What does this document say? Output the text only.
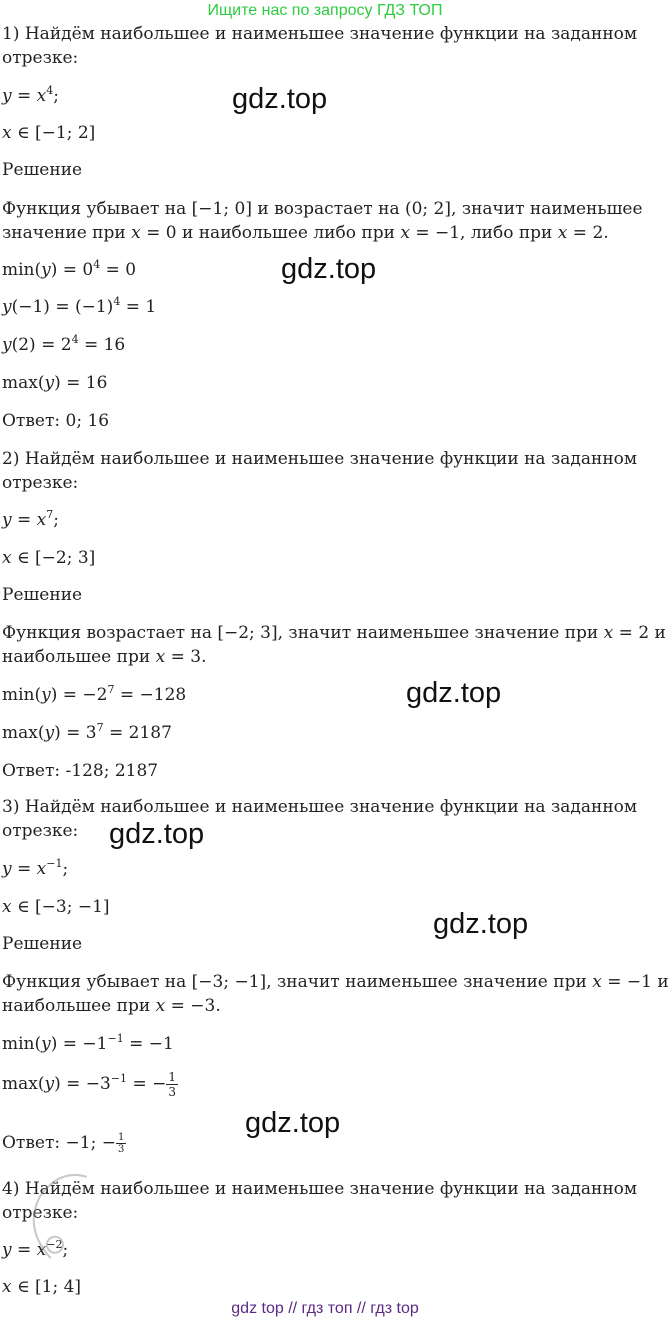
Ищите нас по запросу ГДЗ ТОП
1) Найдём наибольшее и наименьшее значение функции на заданном
отрезке:
$y = x^4$;
x ∈ [−1; 2]
Решение
Функция убывает на [−1; 0] и возрастает на (0; 2], значит наименьшее
значение при x = 0 и наибольшее либо при x = −1, либо при x = 2.
$\min(y) = 0^4 = 0$
$y(-1) = (-1)^4 = 1$
$y(2) = 2^4 = 16$
max(y) = 16
Ответ: 0; 16
2) Найдём наибольшее и наименьшее значение функции на заданном
отрезке:
$y = x^7$;
x ∈ [−2; 3]
Решение
Функция возрастает на [−2; 3], значит наименьшее значение при x = 2 и
наибольшее при x = 3.
$\min(y) = -2^7 = -128$
$\max(y) = 3^7 = 2187$
Ответ: -128; 2187
3) Найдём наибольшее и наименьшее значение функции на заданном
отрезке:
$y = x^{-1}$;
x ∈ [−3; −1]
Решение
Функция убывает на [−3; −1], значит наименьшее значение при x = −1 и
наибольшее при x = −3.
$\min(y) = -1^{-1} = -1$
$\max(y) = -3^{-1}$ = − $\frac{1}{3}$
Ответ: −1; − $\frac{1}{3}$
4) Найдём наибольшее и наименьшее значение функции на заданном
отрезке:
$y = x^{-2}$;
x ∈ [1; 4]
gdz.top
gdz.top
gdz.top
gdz.top
gdz.top
gdz.top
gdz top // гдз топ // гдз top
